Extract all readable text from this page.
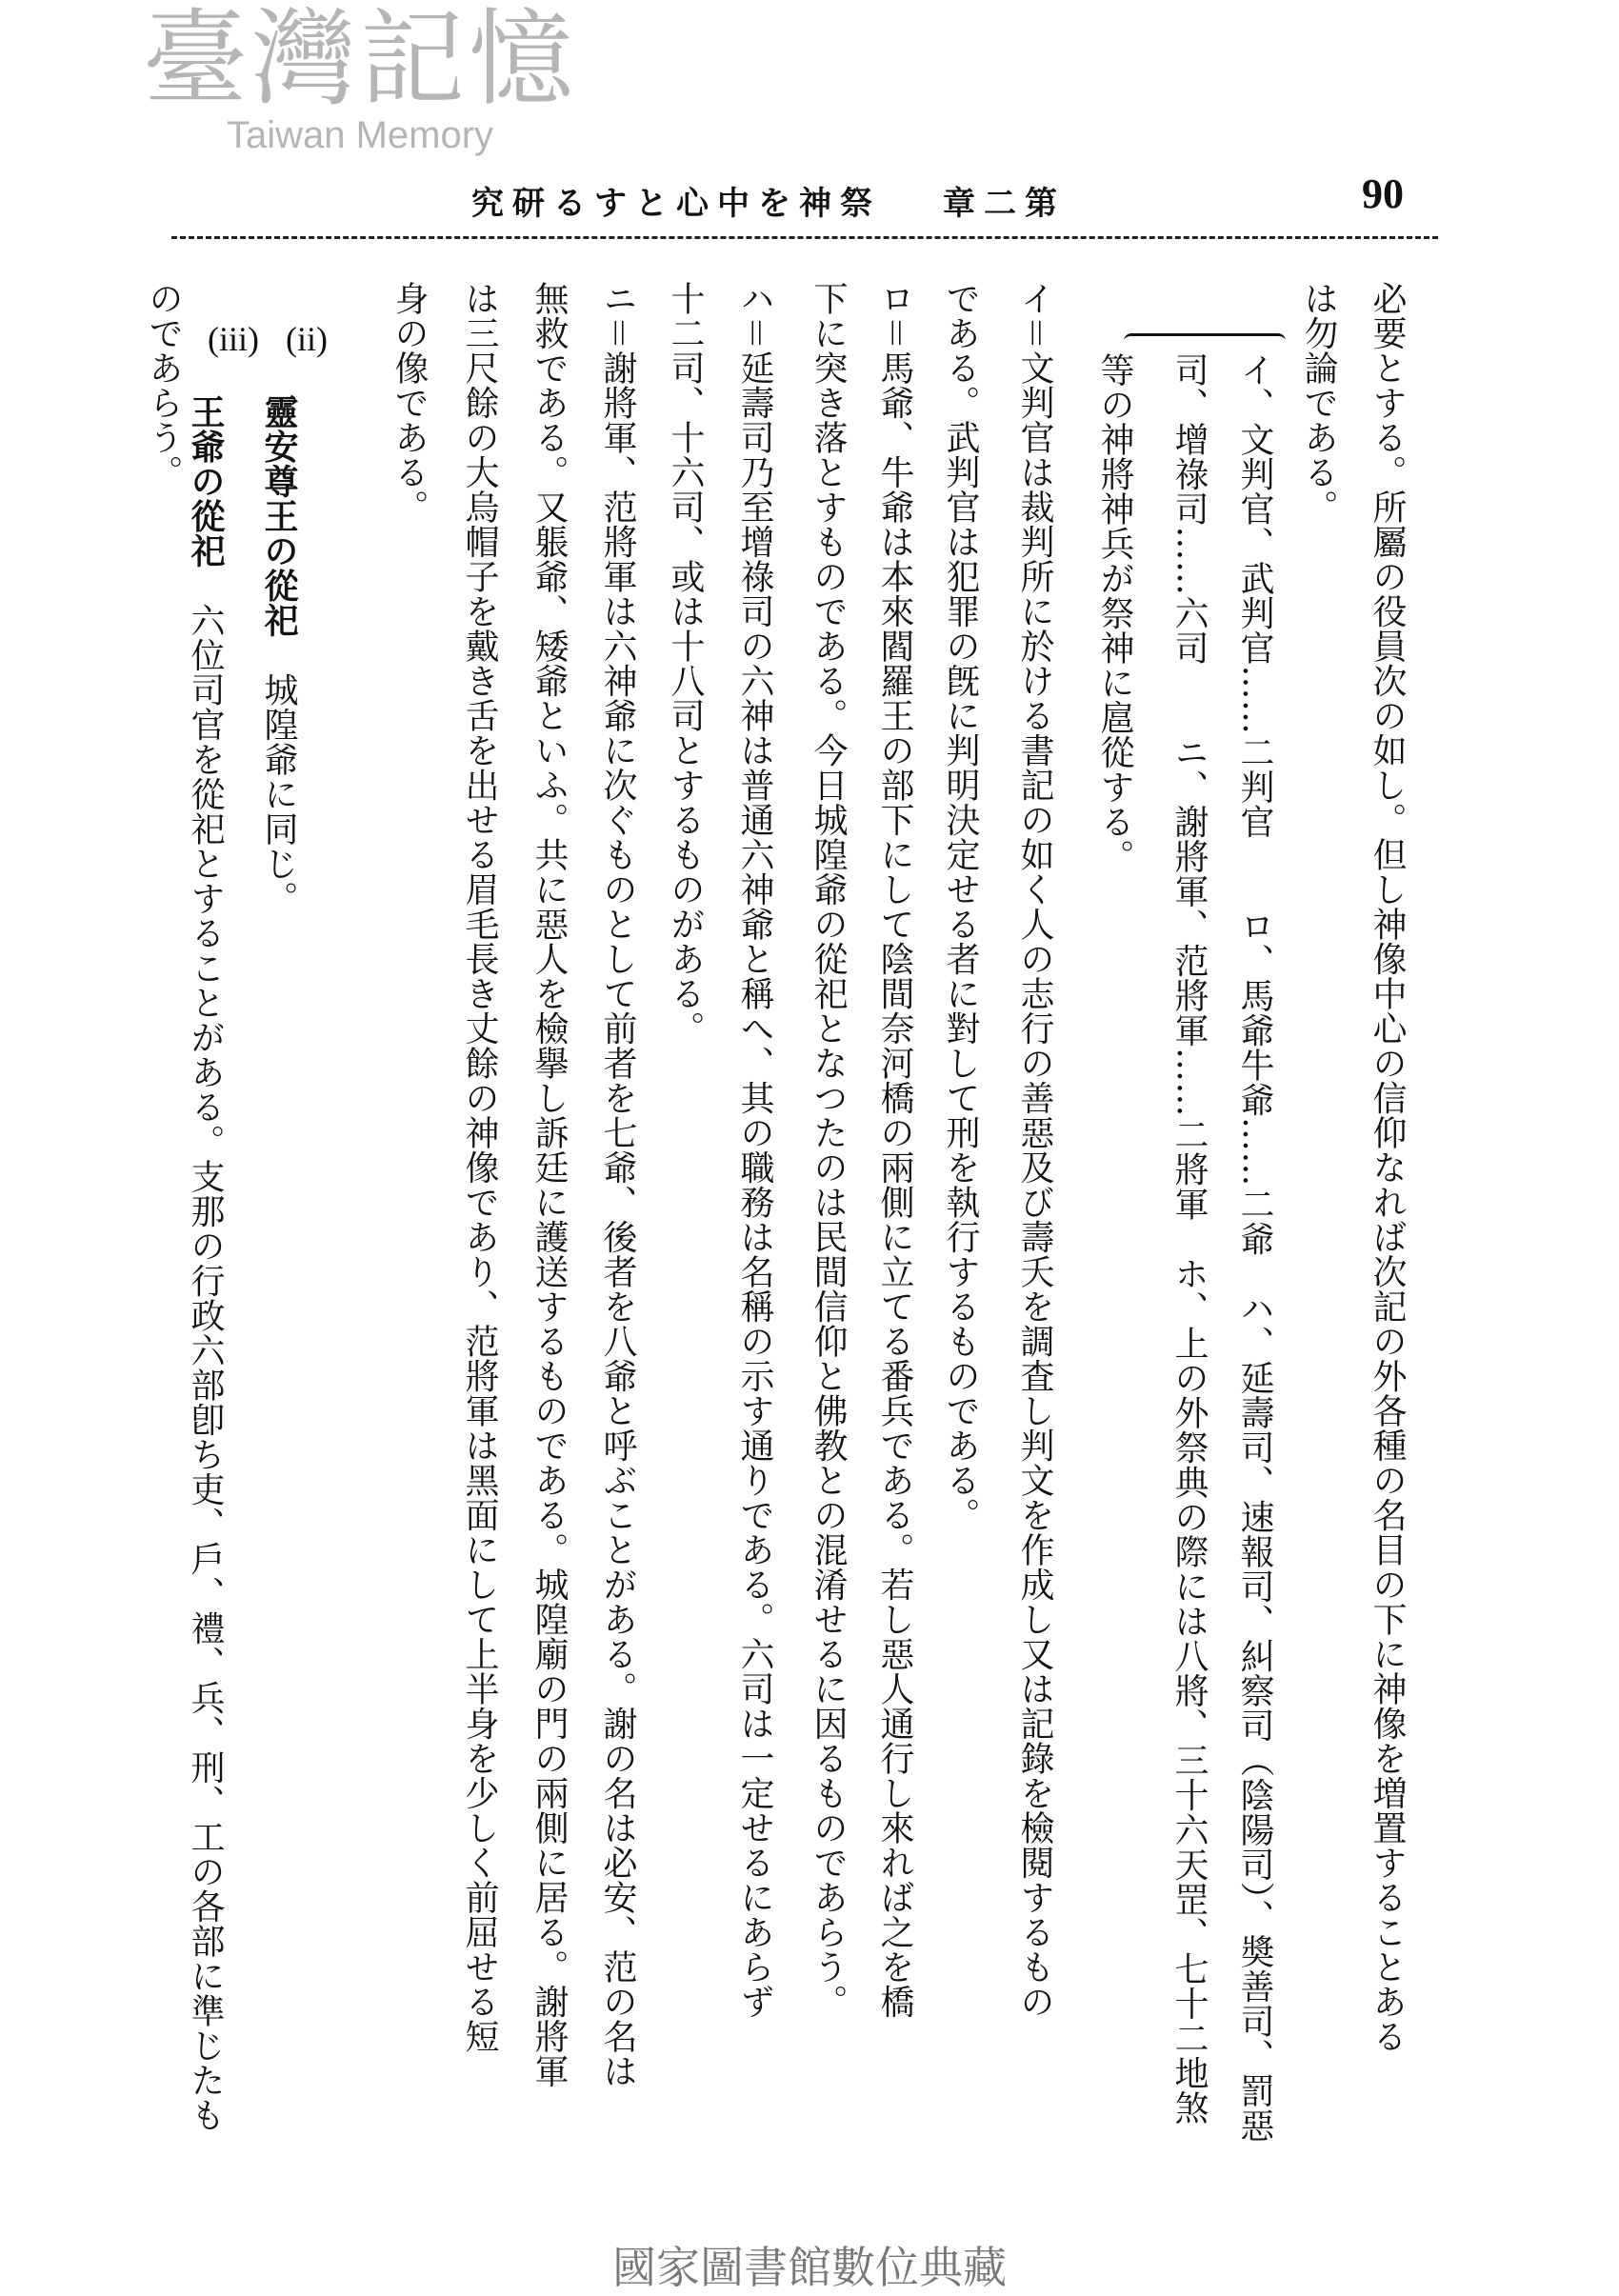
究研るすと心中を神祭 章二第	90
必要とする。所屬の役員次の如し。但し神像中心の信仰なれば次記の外各種の名目の下に神像を増置することある
は勿論である。
イ、文判官、武判官……二判官　　ロ、馬爺牛爺……二爺　ハ、延壽司、速報司、糾察司（陰陽司）、奬善司、罰惡
司、增祿司……六司　　ニ、謝將軍、范將軍……二將軍　ホ、上の外祭典の際には八將、三十六天罡、七十二地煞
等の神將神兵が祭神に扈從する。
イ＝文判官は裁判所に於ける書記の如く人の志行の善惡及び壽夭を調査し判文を作成し又は記錄を檢閱するもの
である。武判官は犯罪の旣に判明決定せる者に對して刑を執行するものである。
ロ＝馬爺、牛爺は本來閻羅王の部下にして陰間奈河橋の兩側に立てる番兵である。若し惡人通行し來れば之を橋
下に突き落とすものである。今日城隍爺の從祀となつたのは民間信仰と佛教との混淆せるに因るものであらう。
ハ＝延壽司乃至增祿司の六神は普通六神爺と稱へ、其の職務は名稱の示す通りである。六司は一定せるにあらず
十二司、十六司、或は十八司とするものがある。
ニ＝謝將軍、范將軍は六神爺に次ぐものとして前者を七爺、後者を八爺と呼ぶことがある。謝の名は必安、范の名は
無救である。又躼爺、矮爺といふ。共に惡人を檢擧し訴廷に護送するものである。城隍廟の門の兩側に居る。謝將軍
は三尺餘の大烏帽子を戴き舌を出せる眉毛長き丈餘の神像であり、范將軍は黑面にして上半身を少しく前屈せる短
身の像である。
(ii)

靈安尊王の從祀　城隍爺に同じ。

(iii)

王爺の從祀　六位司官を從祀とすることがある。支那の行政六部卽ち吏、戶、禮、兵、刑、工の各部に準じたも

のであらう。
臺灣記憶
Taiwan Memory
國家圖書館數位典藏
